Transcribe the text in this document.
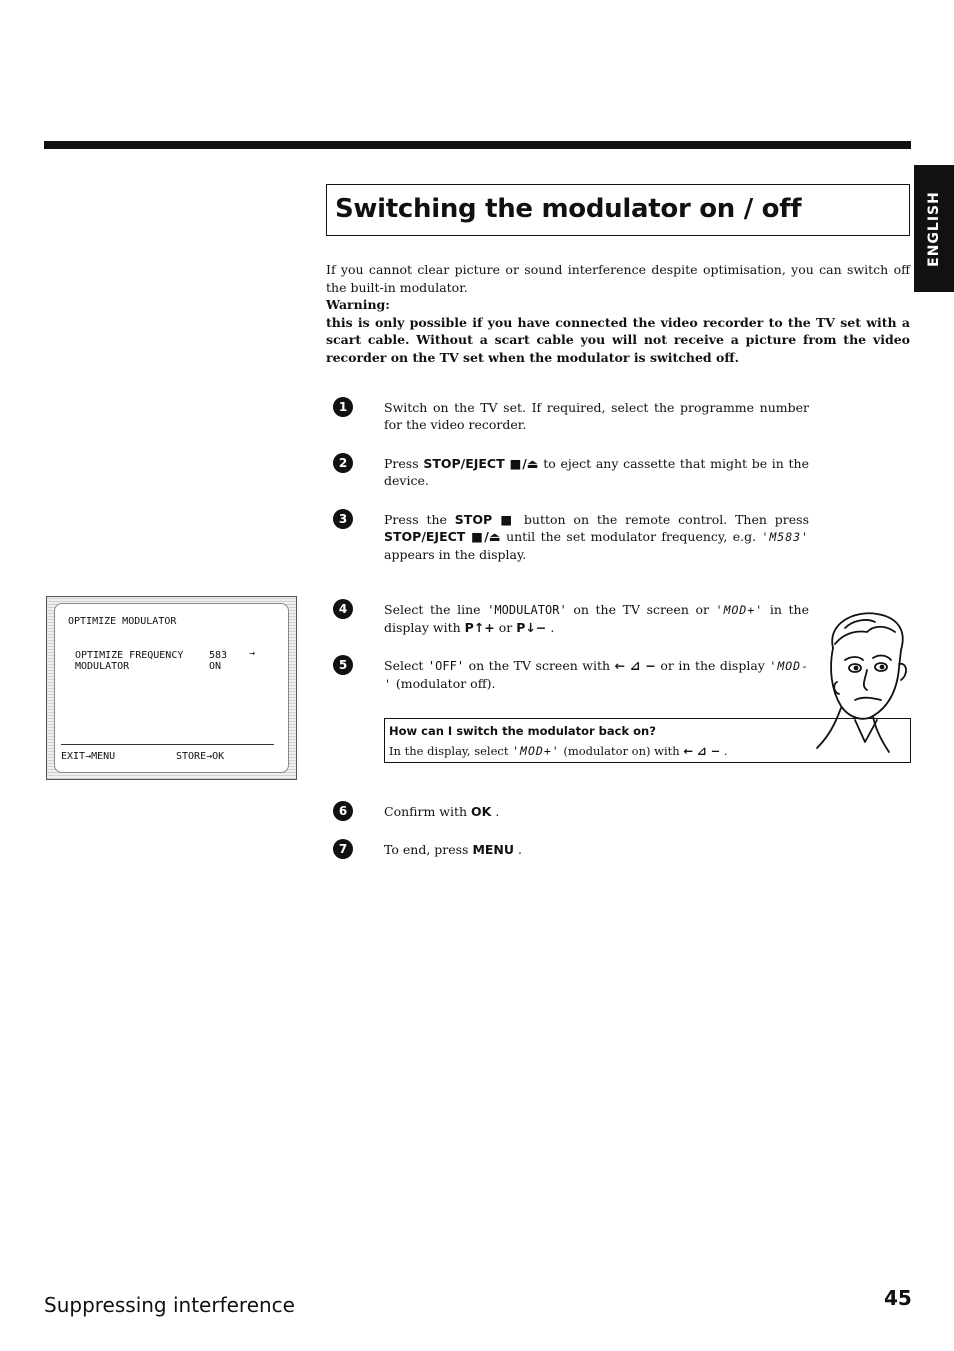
ENGLISH
Switching the modulator on / off

If you cannot clear picture or sound interference despite optimisation, you can switch off the built-in modulator.

Warning:

this is only possible if you have connected the video recorder to the TV set with a scart cable. Without a scart cable you will not receive a picture from the video recorder on the TV set when the modulator is switched off.

1	Switch on the TV set. If required, select the programme number for the video recorder.
2	Press STOP/EJECT ■/⏏ to eject any cassette that might be in the device.
3	Press the STOP ■ button on the remote control. Then press STOP/EJECT ■/⏏ until the set modulator frequency, e.g. 'M583' appears in the display.
OPTIMIZE MODULATOR
OPTIMIZE FREQUENCY	583 →
MODULATOR	ON
EXIT→MENU	STORE→OK
4	Select the line 'MODULATOR' on the TV screen or 'MOD+' in the display with P↑+ or P↓− .
5	Select 'OFF' on the TV screen with ← ⊿ − or in the display 'MOD-' (modulator off).
How can I switch the modulator back on?
In the display, select 'MOD+' (modulator on) with ← ⊿ − .
6	Confirm with OK .
7	To end, press MENU .
Suppressing interference	45
